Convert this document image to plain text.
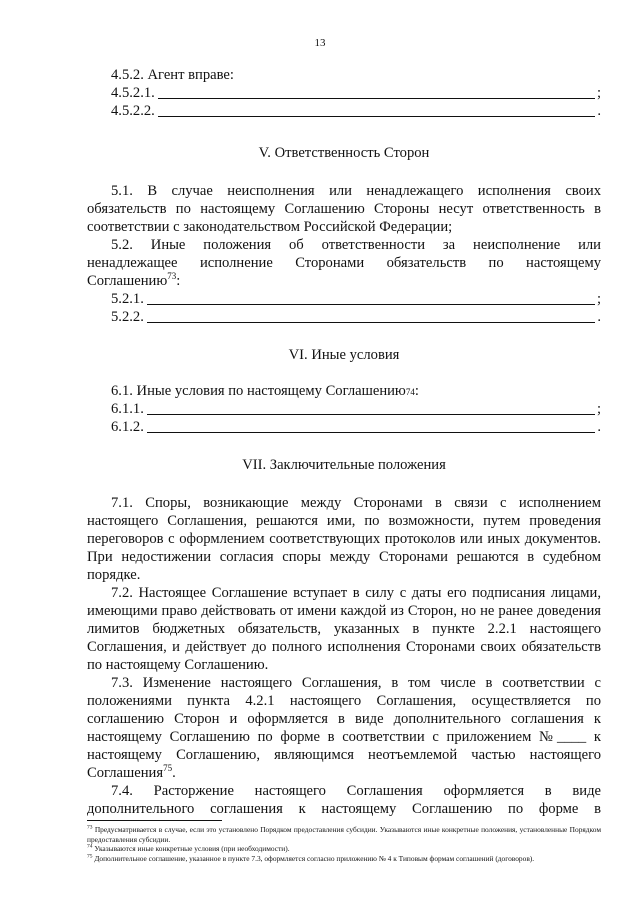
13
4.5.2. Агент вправе:
4.5.2.1.	;
4.5.2.2.	.

V. Ответственность Сторон

5.1. В случае неисполнения или ненадлежащего исполнения своих обязательств по настоящему Соглашению Стороны несут ответственность в соответствии с законодательством Российской Федерации;
5.2. Иные положения об ответственности за неисполнение или
ненадлежащее исполнение Сторонами обязательств по настоящему
Соглашению$^{73}$:
5.2.1.	;
5.2.2.	.

VI. Иные условия

6.1. Иные условия по настоящему Соглашению 74 :
6.1.1.	;
6.1.2.	.

VII. Заключительные положения

7.1. Споры, возникающие между Сторонами в связи с исполнением настоящего Соглашения, решаются ими, по возможности, путем проведения переговоров с оформлением соответствующих протоколов или иных документов. При недостижении согласия споры между Сторонами решаются в судебном порядке.
7.2. Настоящее Соглашение вступает в силу с даты его подписания лицами, имеющими право действовать от имени каждой из Сторон, но не ранее доведения лимитов бюджетных обязательств, указанных в пункте 2.2.1 настоящего Соглашения, и действует до полного исполнения Сторонами своих обязательств по настоящему Соглашению.
7.3. Изменение настоящего Соглашения, в том числе в соответствии с положениями пункта 4.2.1 настоящего Соглашения, осуществляется по соглашению Сторон и оформляется в виде дополнительного соглашения к настоящему Соглашению по форме в соответствии с приложением №____ к настоящему Соглашению, являющимся неотъемлемой частью настоящего Соглашения$^{75}$.
7.4. Расторжение настоящего Соглашения оформляется в виде дополнительного соглашения к настоящему Соглашению по форме в
$^{73}$ Предусматривается в случае, если это установлено Порядком предоставления субсидии. Указываются иные конкретные положения, установленные Порядком предоставления субсидии.
$^{74}$ Указываются иные конкретные условия (при необходимости).
$^{75}$ Дополнительное соглашение, указанное в пункте 7.3, оформляется согласно приложению № 4 к Типовым формам соглашений (договоров).
